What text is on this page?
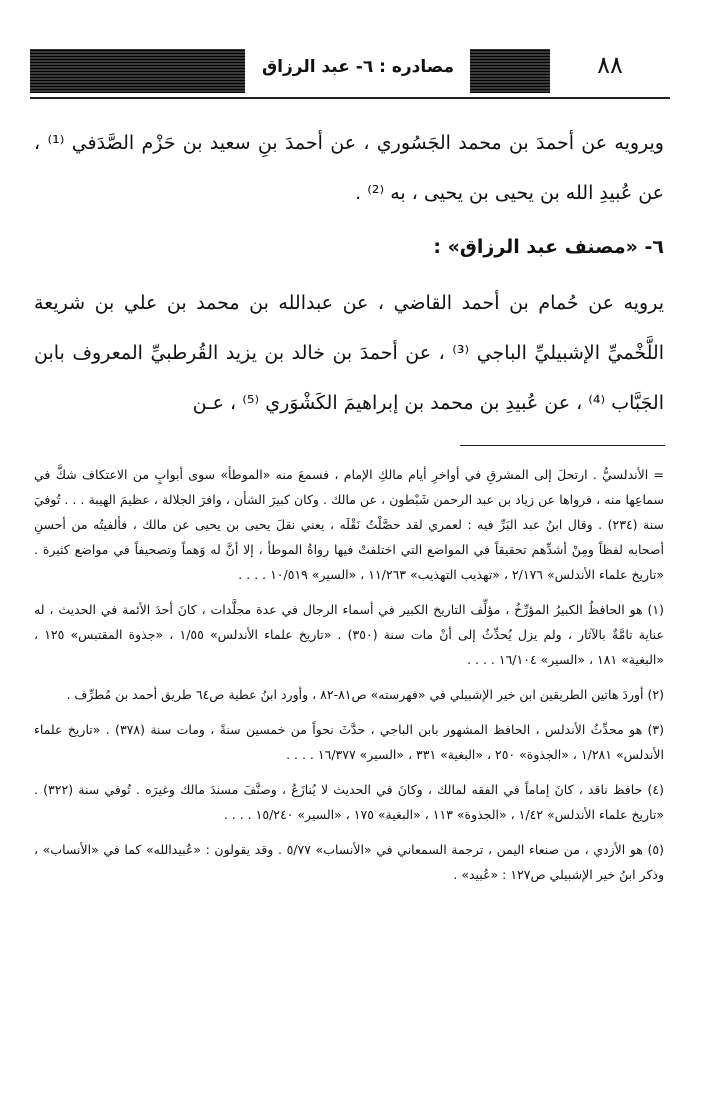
مصادره : ٦- عبد الرزاق	٨٨

ويرويه عن أحمدَ بن محمد الجَسُوري ، عن أحمدَ بنِ سعيد بن حَزْم الصَّدَفي ⁽¹⁾ ، عن عُبيدِ الله بن يحيى بن يحيى ، به ⁽²⁾ .

٦- «مصنف عبد الرزاق» :

يرويه عن حُمام بن أحمد القاضي ، عن عبدالله بن محمد بن علي بن شريعة اللَّخْميِّ الإشبيليِّ الباجي ⁽³⁾ ، عن أحمدَ بن خالد بن يزيد القُرطبيِّ المعروف بابن الجَبَّاب ⁽⁴⁾ ، عن عُبيدِ بن محمد بن إبراهيمَ الكَشْوَري ⁽⁵⁾ ، عـن

= الأندلسيُّ . ارتحلَ إلى المشرقِ في أواخرِ أيام مالكِ الإمام ، فسمعَ منه «الموطأ» سوى أبوابٍ من الاعتكاف شكَّ في سماعِها منه ، فرواها عن زياد بن عبد الرحمن شَبْطون ، عن مالك . وكان كبيرَ الشأن ، وافرَ الجلالة ، عظيمَ الهيبة . . . تُوفيَ سنة (٢٣٤) . وقال ابنُ عبد البَرِّ فيه : لعمري لقد حصَّلْتُ نَقْلَه ، يعني نقلَ يحيى بن يحيى عن مالك ، فألفيتُه من أحسنِ أصحابه لفظاً ومِنْ أشدِّهم تحقيقاً في المواضع التي اختلفتْ فيها رواةُ الموطأ ، إلا أنَّ له وَهماً وتصحيفاً في مواضع كثيرة . «تاريخ علماء الأندلس» ٢/١٧٦ ، «تهذيب التهذيب» ١١/٢٦٣ ، «السير» ١٠/٥١٩ . . . .

(١) هو الحافظُ الكبيرُ المؤرِّخُ ، مؤلِّف التاريخ الكبير في أسماء الرجال في عدة مجلَّدات ، كانَ أحدَ الأئمة في الحديث ، له عناية تامَّةٌ بالآثار ، ولم يزل يُحدِّثُ إلى أنْ مات سنة (٣٥٠) . «تاريخ علماء الأندلس» ١/٥٥ ، «جذوة المقتبس» ١٢٥ ، «البغية» ١٨١ ، «السير» ١٦/١٠٤ . . . .

(٢) أوردَ هاتين الطريقين ابن خير الإشبيلي في «فهرسته» ص٨١-٨٢ ، وأورد ابنُ عطية ص٦٤ طريق أحمد بن مُطرِّف .

(٣) هو محدِّثُ الأندلس ، الحافظ المشهور بابن الباجي ، حدَّثَ نحواً من خمسين سنةً ، ومات سنة (٣٧٨) . «تاريخ علماء الأندلس» ١/٢٨١ ، «الجذوة» ٢٥٠ ، «البغية» ٣٣١ ، «السير» ١٦/٣٧٧ . . . .

(٤) حافظ ناقد ، كانَ إماماً في الفقه لمالك ، وكانَ في الحديث لا يُنازَعُ ، وصنَّفَ مسندَ مالك وغيرَه . تُوفي سنة (٣٢٢) . «تاريخ علماء الأندلس» ١/٤٢ ، «الجذوة» ١١٣ ، «البغية» ١٧٥ ، «السير» ١٥/٢٤٠ . . . .

(٥) هو الأزدي ، من صنعاء اليمن ، ترجمة السمعاني في «الأنساب» ٥/٧٧ . وقد يقولون : «عُبيدالله» كما في «الأنساب» ، وذكر ابنُ خير الإشبيلي ص١٢٧ : «عُبيد» .
